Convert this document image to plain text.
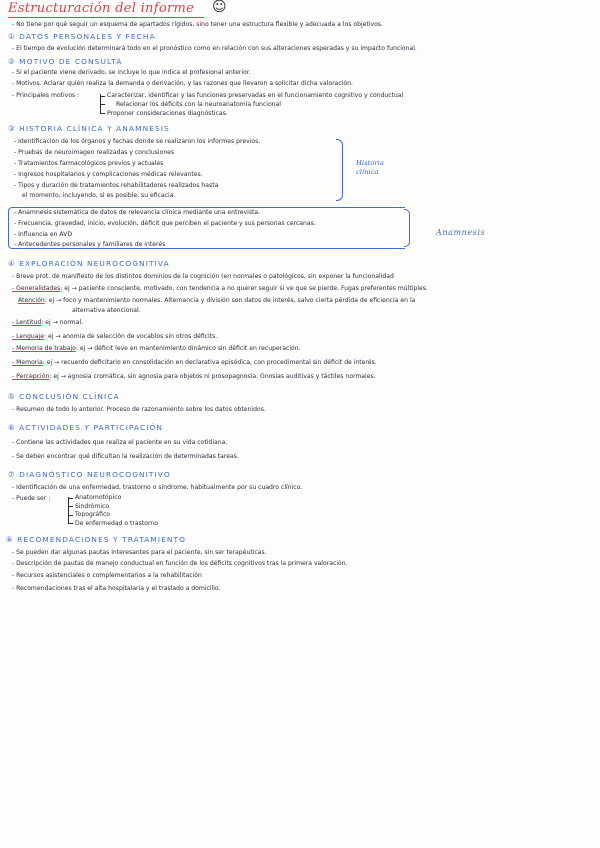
Estructuración del informe ☺
- No tiene por qué seguir un esquema de apartados rígidos, sino tener una estructura flexible y adecuada a los objetivos.
① DATOS PERSONALES Y FECHA
- El tiempo de evolución determinará todo en el pronóstico como en relación con sus alteraciones esperadas y su impacto funcional.
② MOTIVO DE CONSULTA
- Si el paciente viene derivado, se incluye lo que indica el profesional anterior.
- Motivos. Aclarar quién realiza la demanda o derivación, y las razones que llevaron a solicitar dicha valoración.
- Principales motivos :	Caracterizar, identificar y las funciones preservadas en el funcionamiento cognitivo y conductual
Relacionar los déficits con la neuroanatomía funcional
Proponer consideraciones diagnósticas.
③ HISTORIA CLÍNICA Y ANAMNESIS
- Identificación de los órganos y fechas donde se realizaron los informes previos.
- Pruebas de neuroimagen realizadas y conclusiones
- Tratamientos farmacológicos previos y actuales
- Ingresos hospitalarios y complicaciones médicas relevantes.
- Tipos y duración de tratamientos rehabilitadores realizados hasta
el momento, incluyendo, si es posible, su eficacia.
Historia
clínica
- Anamnesis sistemática de datos de relevancia clínica mediante una entrevista.
- Frecuencia, gravedad, inicio, evolución, déficit que perciben el paciente y sus personas cercanas.
- Influencia en AVD
- Antecedentes personales y familiares de interés
Anamnesis
④ EXPLORACIÓN NEUROCOGNITIVA
- Breve prot. de manifiesto de los distintos dominios de la cognición (en normales o patológicos, sin exponer la funcionalidad
- Generalidades: ej → paciente consciente, motivado, con tendencia a no querer seguir si ve que se pierde. Fugas preferentes múltiples.
Atención: ej → foco y mantenimiento normales. Alternancia y división son datos de interés, salvo cierta pérdida de eficiencia en la
alternativa atencional.
- Lentitud: ej → normal.
- Lenguaje: ej → anomia de selección de vocablos sin otros déficits.
- Memoria de trabajo: ej → déficit leve en mantenimiento dinámico sin déficit en recuperación.
- Memoria: ej → recuerdo deficitario en consolidación en declarativa episódica, con procedimental sin déficit de interés.
- Percepción: ej → agnosia cromática, sin agnosia para objetos ni prosopagnosia. Gnosias auditivas y táctiles normales.
⑤ CONCLUSIÓN CLÍNICA
- Resumen de todo lo anterior. Proceso de razonamiento sobre los datos obtenidos.
⑥ ACTIVIDADES Y PARTICIPACIÓN
- Contiene las actividades que realiza el paciente en su vida cotidiana.
- Se deben encontrar qué dificultan la realización de determinadas tareas.
⑦ DIAGNÓSTICO NEUROCOGNITIVO
- Identificación de una enfermedad, trastorno o síndrome, habitualmente por su cuadro clínico.
- Puede ser :	Anatomotópico
Sindrómico
Topográfico
De enfermedad o trastorno
⑧ RECOMENDACIONES Y TRATAMIENTO
- Se pueden dar algunas pautas interesantes para el paciente, sin ser terapéuticas.
- Descripción de pautas de manejo conductual en función de los déficits cognitivos tras la primera valoración.
- Recursos asistenciales o complementarios a la rehabilitación
- Recomendaciones tras el alta hospitalaria y el traslado a domicilio.
